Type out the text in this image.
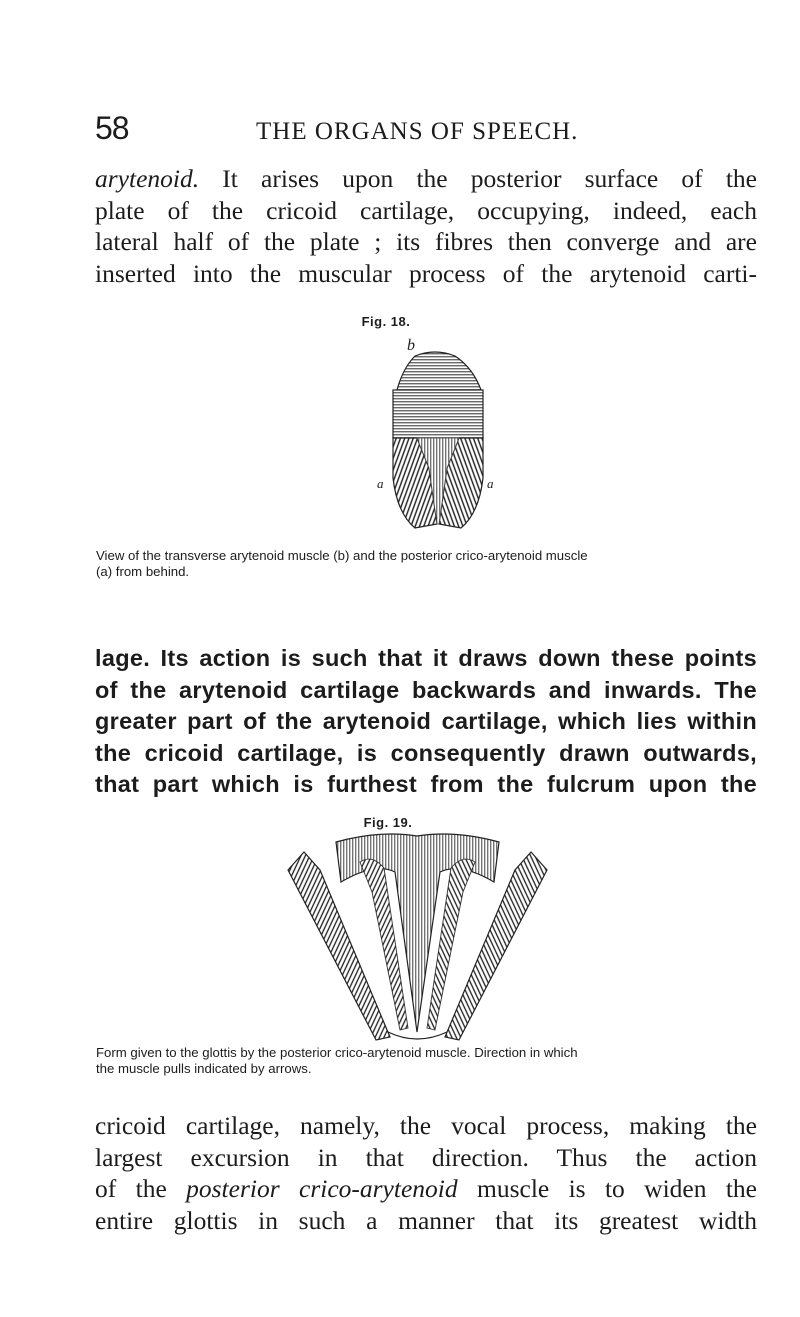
58	THE ORGANS OF SPEECH.

arytenoid. It arises upon the posterior surface of the
plate of the cricoid cartilage, occupying, indeed, each
lateral half of the plate ; its fibres then converge and are
inserted into the muscular process of the arytenoid carti-

Fig. 18.
b
a	a

View of the transverse arytenoid muscle (b) and the posterior crico-arytenoid muscle
(a) from behind.

lage. Its action is such that it draws down these points
of the arytenoid cartilage backwards and inwards. The
greater part of the arytenoid cartilage, which lies within
the cricoid cartilage, is consequently drawn outwards,
that part which is furthest from the fulcrum upon the

Fig. 19.

Form given to the glottis by the posterior crico-arytenoid muscle. Direction in which
the muscle pulls indicated by arrows.

cricoid cartilage, namely, the vocal process, making the
largest excursion in that direction. Thus the action
of the posterior crico-arytenoid muscle is to widen the
entire glottis in such a manner that its greatest width
